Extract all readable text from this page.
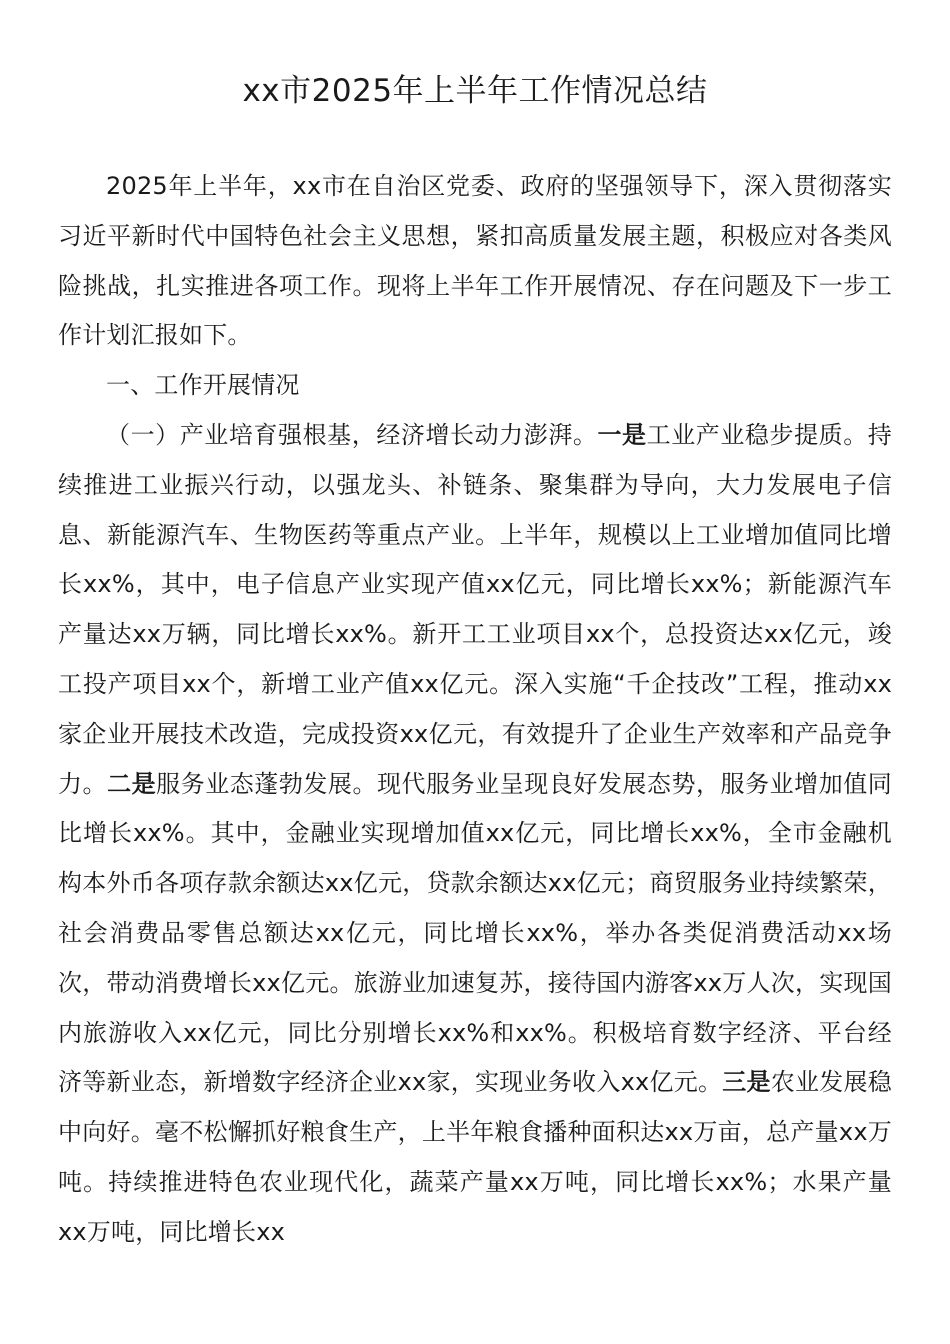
xx市2025年上半年工作情况总结

2025年上半年，xx市在自治区党委、政府的坚强领导下，深入贯彻落实习近平新时代中国特色社会主义思想，紧扣高质量发展主题，积极应对各类风险挑战，扎实推进各项工作。现将上半年工作开展情况、存在问题及下一步工作计划汇报如下。

一、工作开展情况

（一）产业培育强根基，经济增长动力澎湃。一是工业产业稳步提质。持续推进工业振兴行动，以强龙头、补链条、聚集群为导向，大力发展电子信息、新能源汽车、生物医药等重点产业。上半年，规模以上工业增加值同比增长xx%，其中，电子信息产业实现产值xx亿元，同比增长xx%；新能源汽车产量达xx万辆，同比增长xx%。新开工工业项目xx个，总投资达xx亿元，竣工投产项目xx个，新增工业产值xx亿元。深入实施“千企技改”工程，推动xx家企业开展技术改造，完成投资xx亿元，有效提升了企业生产效率和产品竞争力。二是服务业态蓬勃发展。现代服务业呈现良好发展态势，服务业增加值同比增长xx%。其中，金融业实现增加值xx亿元，同比增长xx%，全市金融机构本外币各项存款余额达xx亿元，贷款余额达xx亿元；商贸服务业持续繁荣，社会消费品零售总额达xx亿元，同比增长xx%，举办各类促消费活动xx场次，带动消费增长xx亿元。旅游业加速复苏，接待国内游客xx万人次，实现国内旅游收入xx亿元，同比分别增长xx%和xx%。积极培育数字经济、平台经济等新业态，新增数字经济企业xx家，实现业务收入xx亿元。三是农业发展稳中向好。毫不松懈抓好粮食生产，上半年粮食播种面积达xx万亩，总产量xx万吨。持续推进特色农业现代化，蔬菜产量xx万吨，同比增长xx%；水果产量xx万吨，同比增长xx
